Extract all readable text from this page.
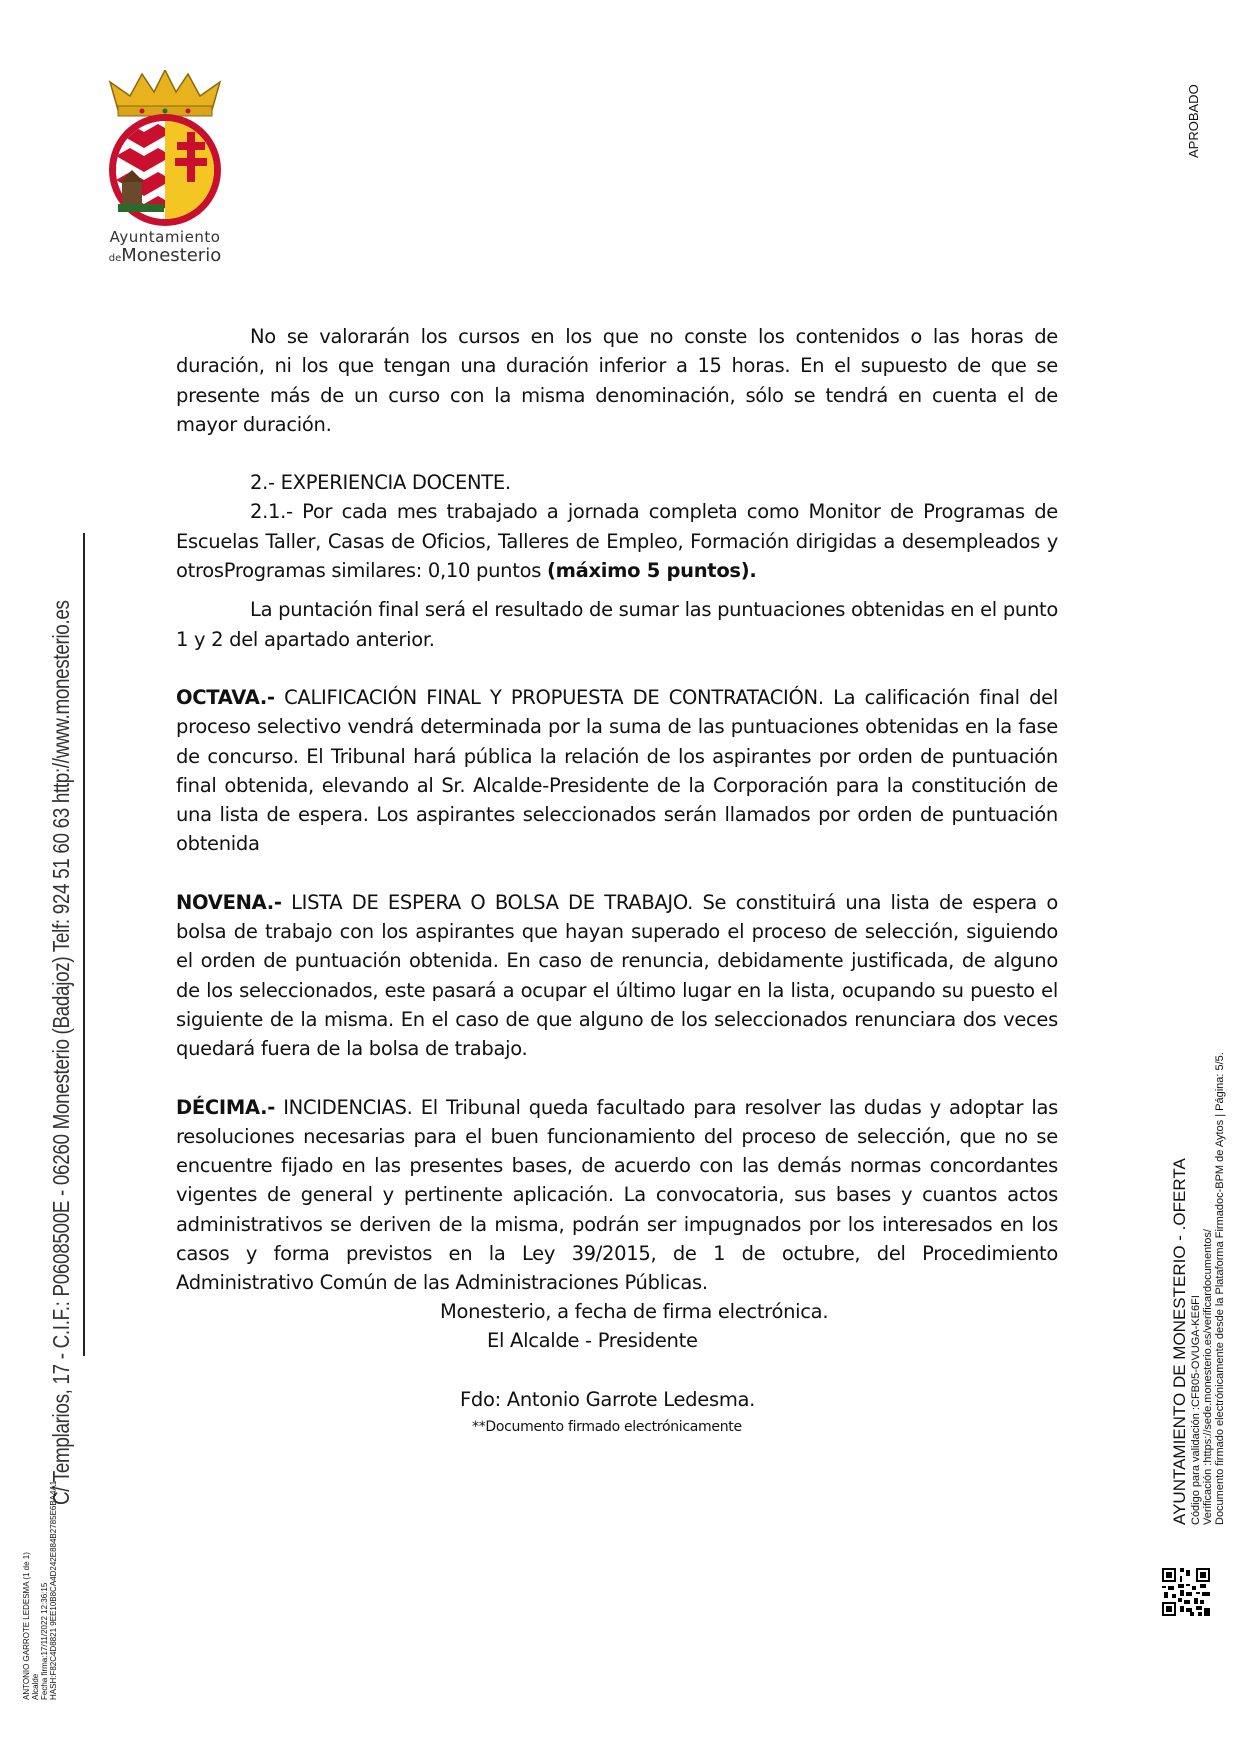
Ayuntamiento
deMonesterio
APROBADO
C/ Templarios, 17 - C.I.F.: P0608500E - 06260 Monesterio (Badajoz) Telf: 924 51 60 63 http://www.monesterio.es
ANTONIO GARROTE LEDESMA (1 de 1) Alcalde Fecha firma:17/11/2022 12:36:15 HASH:F82C4D8821 9EE10B8CA4D242E884B2785E6BA4A1
AYUNTAMIENTO DE MONESTERIO - .OFERTA Código para validación :CFB05-OVUGA-KE6FI Verificación :https://sede.monesterio.es/verificardocumentos/ Documento firmado electrónicamente desde la Plataforma Firmadoc-BPM de Aytos | Página: 5/5.

No se valorarán los cursos en los que no conste los contenidos o las horas de duración, ni los que tengan una duración inferior a 15 horas. En el supuesto de que se presente más de un curso con la misma denominación, sólo se tendrá en cuenta el de mayor duración.

2.- EXPERIENCIA DOCENTE.

2.1.- Por cada mes trabajado a jornada completa como Monitor de Programas de Escuelas Taller, Casas de Oficios, Talleres de Empleo, Formación dirigidas a desempleados y otrosProgramas similares: 0,10 puntos (máximo 5 puntos).

La puntación final será el resultado de sumar las puntuaciones obtenidas en el punto 1 y 2 del apartado anterior.

OCTAVA.- CALIFICACIÓN FINAL Y PROPUESTA DE CONTRATACIÓN. La calificación final del proceso selectivo vendrá determinada por la suma de las puntuaciones obtenidas en la fase de concurso. El Tribunal hará pública la relación de los aspirantes por orden de puntuación final obtenida, elevando al Sr. Alcalde-Presidente de la Corporación para la constitución de una lista de espera. Los aspirantes seleccionados serán llamados por orden de puntuación obtenida

NOVENA.- LISTA DE ESPERA O BOLSA DE TRABAJO. Se constituirá una lista de espera o bolsa de trabajo con los aspirantes que hayan superado el proceso de selección, siguiendo el orden de puntuación obtenida. En caso de renuncia, debidamente justificada, de alguno de los seleccionados, este pasará a ocupar el último lugar en la lista, ocupando su puesto el siguiente de la misma. En el caso de que alguno de los seleccionados renunciara dos veces quedará fuera de la bolsa de trabajo.

DÉCIMA.- INCIDENCIAS. El Tribunal queda facultado para resolver las dudas y adoptar las resoluciones necesarias para el buen funcionamiento del proceso de selección, que no se encuentre fijado en las presentes bases, de acuerdo con las demás normas concordantes vigentes de general y pertinente aplicación. La convocatoria, sus bases y cuantos actos administrativos se deriven de la misma, podrán ser impugnados por los interesados en los casos y forma previstos en la Ley 39/2015, de 1 de octubre, del Procedimiento Administrativo Común de las Administraciones Públicas.

Monesterio, a fecha de firma electrónica.
El Alcalde - Presidente
Fdo: Antonio Garrote Ledesma.
**Documento firmado electrónicamente
